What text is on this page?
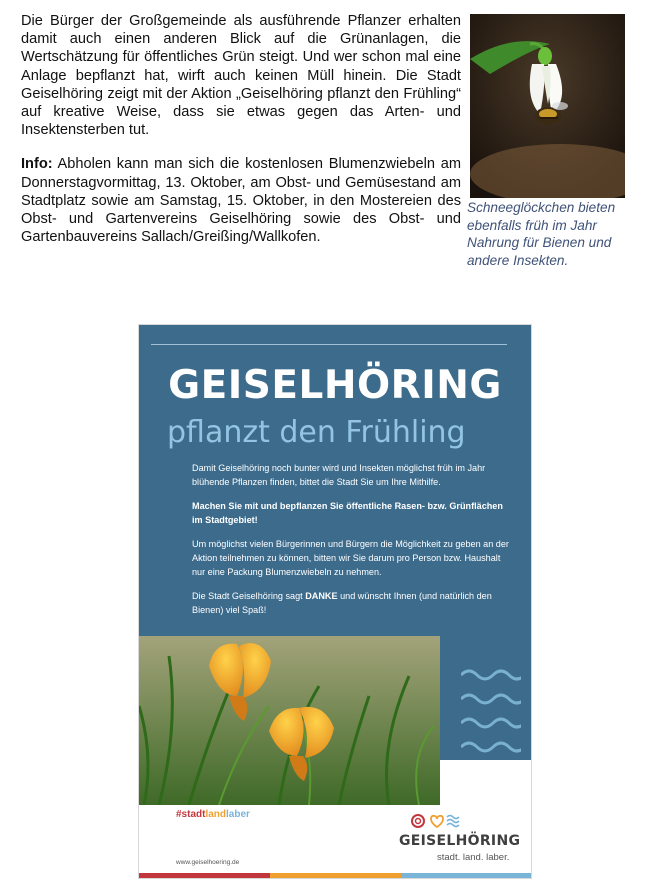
Die Bürger der Großgemeinde als ausführende Pflanzer erhalten damit auch einen anderen Blick auf die Grünanlagen, die Wertschätzung für öffentliches Grün steigt. Und wer schon mal eine Anlage bepflanzt hat, wirft auch keinen Müll hinein. Die Stadt Geiselhöring zeigt mit der Aktion „Geiselhöring pflanzt den Frühling“ auf kreative Weise, dass sie etwas gegen das Arten- und Insektensterben tut.

Info: Abholen kann man sich die kostenlosen Blumenzwiebeln am Donnerstagvormittag, 13. Oktober, am Obst- und Gemüsestand am Stadtplatz sowie am Samstag, 15. Oktober, in den Mostereien des Obst- und Gartenvereins Geiselhöring sowie des Obst- und Gartenbauvereins Sallach/Greißing/Wallkofen.

Schneeglöckchen bieten ebenfalls früh im Jahr Nahrung für Bienen und andere Insekten.
GEISELHÖRING
pflanzt den Frühling

Damit Geiselhöring noch bunter wird und Insekten möglichst früh im Jahr blühende Pflanzen finden, bittet die Stadt Sie um Ihre Mithilfe.

Machen Sie mit und bepflanzen Sie öffentliche Rasen- bzw. Grünflächen im Stadtgebiet!

Um möglichst vielen Bürgerinnen und Bürgern die Möglichkeit zu geben an der Aktion teilnehmen zu können, bitten wir Sie darum pro Person bzw. Haushalt nur eine Packung Blumenzwiebeln zu nehmen.

Die Stadt Geiselhöring sagt DANKE und wünscht Ihnen (und natürlich den Bienen) viel Spaß!

#stadtlandlaber
GEISELHÖRING
stadt. land. laber.
www.geiselhoering.de
